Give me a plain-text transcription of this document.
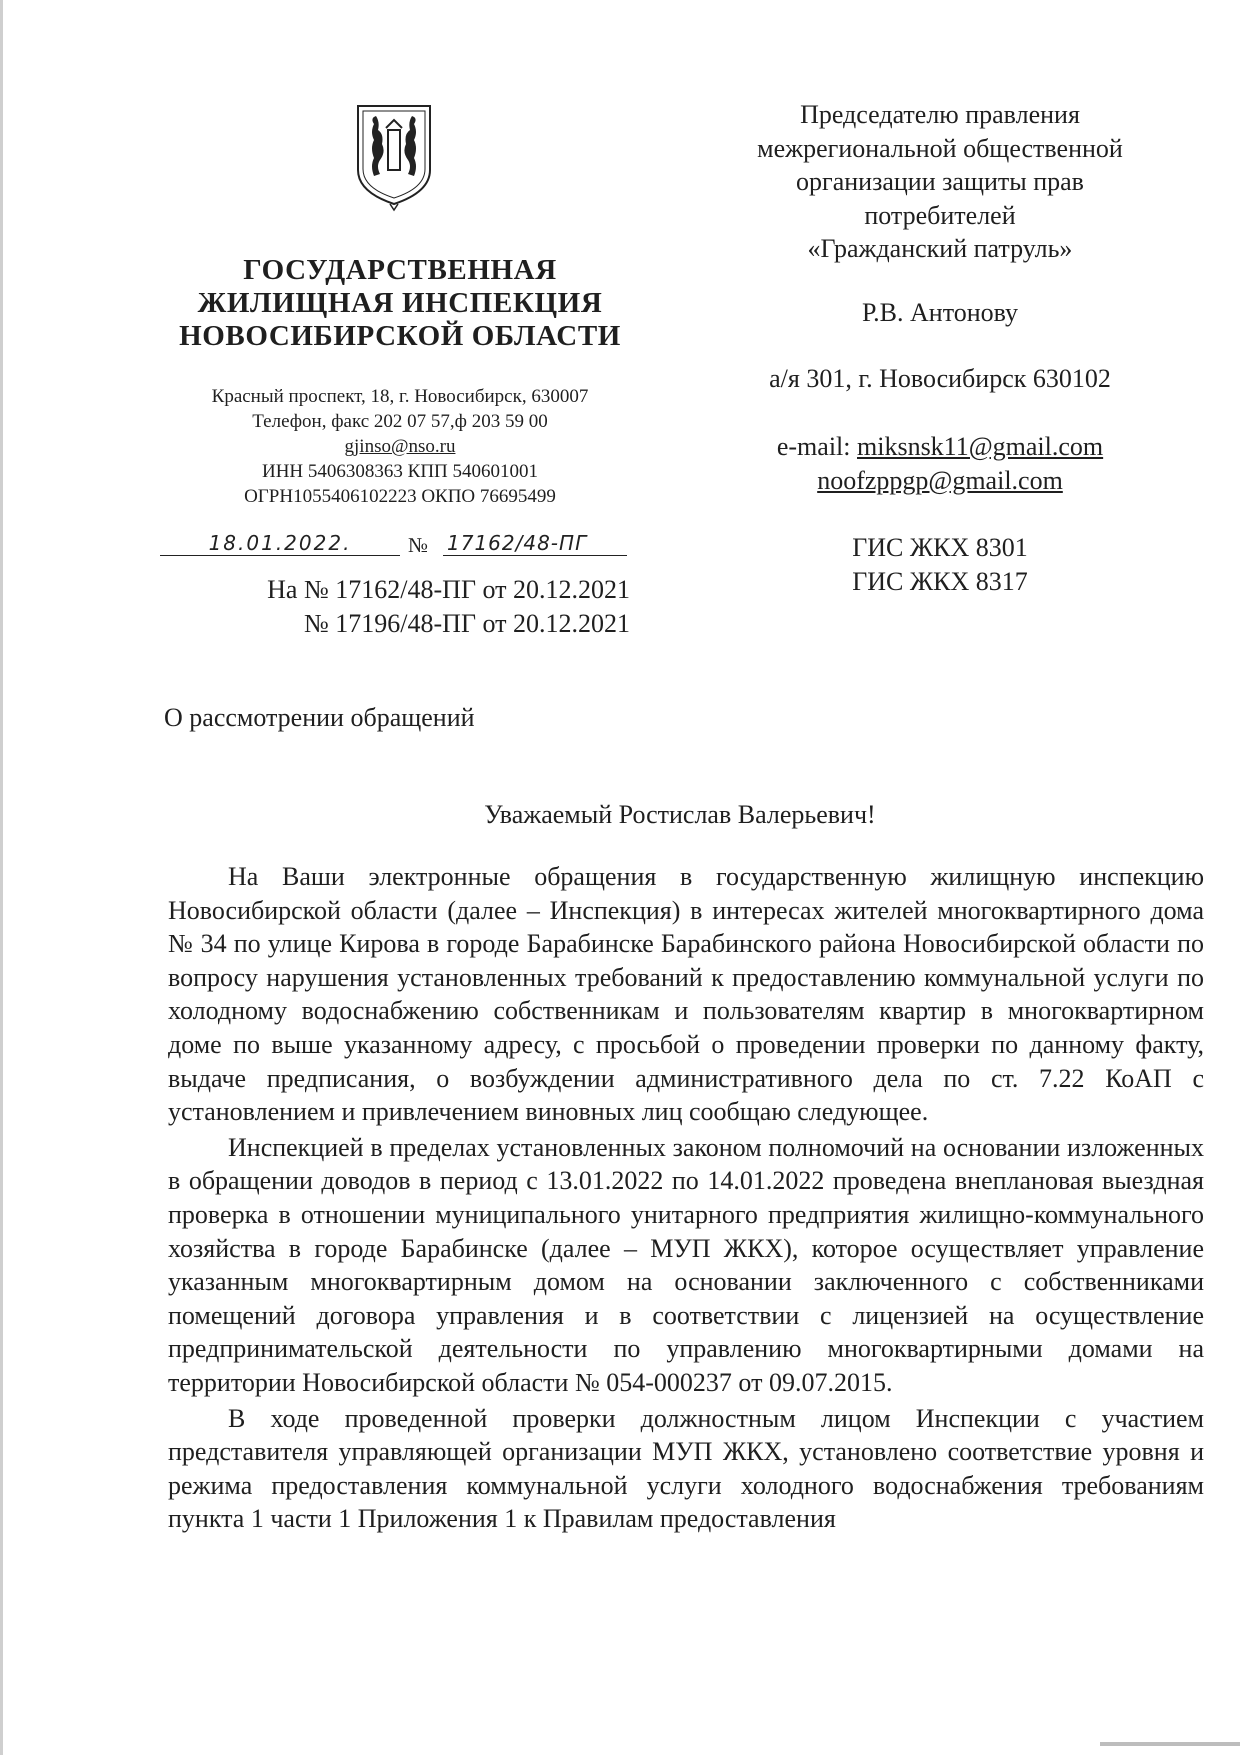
ГОСУДАРСТВЕННАЯ
ЖИЛИЩНАЯ ИНСПЕКЦИЯ
НОВОСИБИРСКОЙ ОБЛАСТИ
Красный проспект, 18, г. Новосибирск, 630007
Телефон, факс 202 07 57,ф 203 59 00
gjinso@nso.ru
ИНН 5406308363 КПП 540601001
ОГРН1055406102223 ОКПО 76695499
18.01.2022.	№ 17162/48-ПГ
На № 17162/48-ПГ от 20.12.2021
№ 17196/48-ПГ от 20.12.2021
Председателю правления
межрегиональной общественной
организации защиты прав
потребителей
«Гражданский патруль»
Р.В. Антонову
а/я 301, г. Новосибирск 630102
e-mail: miksnsk11@gmail.com
noofzppgp@gmail.com
ГИС ЖКХ 8301
ГИС ЖКХ 8317
О рассмотрении обращений
Уважаемый Ростислав Валерьевич!
На Ваши электронные обращения в государственную жилищную инспекцию Новосибирской области (далее – Инспекция) в интересах жителей многоквартирного дома № 34 по улице Кирова в городе Барабинске Барабинского района Новосибирской области по вопросу нарушения установленных требований к предоставлению коммунальной услуги по холодному водоснабжению собственникам и пользователям квартир в многоквартирном доме по выше указанному адресу, с просьбой о проведении проверки по данному факту, выдаче предписания, о возбуждении административного дела по ст. 7.22 КоАП с установлением и привлечением виновных лиц сообщаю следующее.
Инспекцией в пределах установленных законом полномочий на основании изложенных в обращении доводов в период с 13.01.2022 по 14.01.2022 проведена внеплановая выездная проверка в отношении муниципального унитарного предприятия жилищно-коммунального хозяйства в городе Барабинске (далее – МУП ЖКХ), которое осуществляет управление указанным многоквартирным домом на основании заключенного с собственниками помещений договора управления и в соответствии с лицензией на осуществление предпринимательской деятельности по управлению многоквартирными домами на территории Новосибирской области № 054-000237 от 09.07.2015.
В ходе проведенной проверки должностным лицом Инспекции с участием представителя управляющей организации МУП ЖКХ, установлено соответствие уровня и режима предоставления коммунальной услуги холодного водоснабжения требованиям пункта 1 части 1 Приложения 1 к Правилам предоставления
